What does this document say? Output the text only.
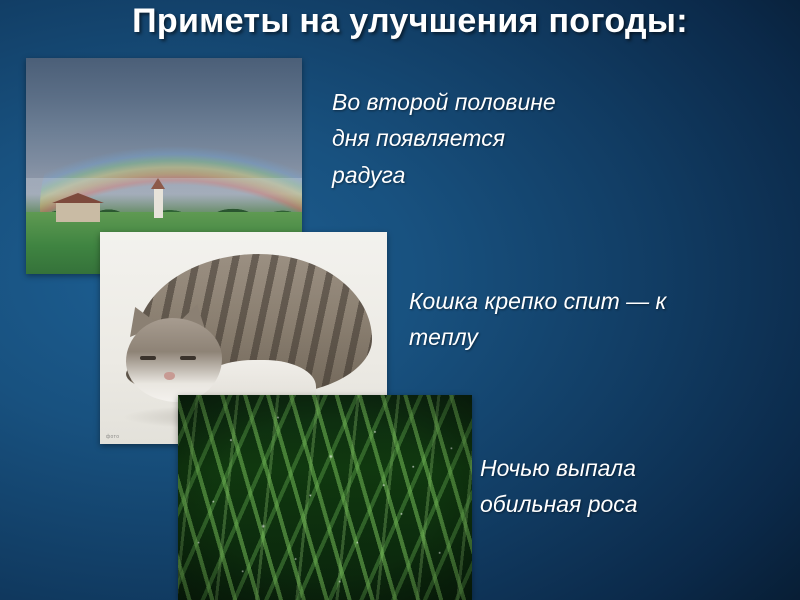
Приметы на улучшения погоды:
фото
Во второй половине дня появляется радуга
Кошка крепко спит — к теплу
Ночью выпала обильная роса
